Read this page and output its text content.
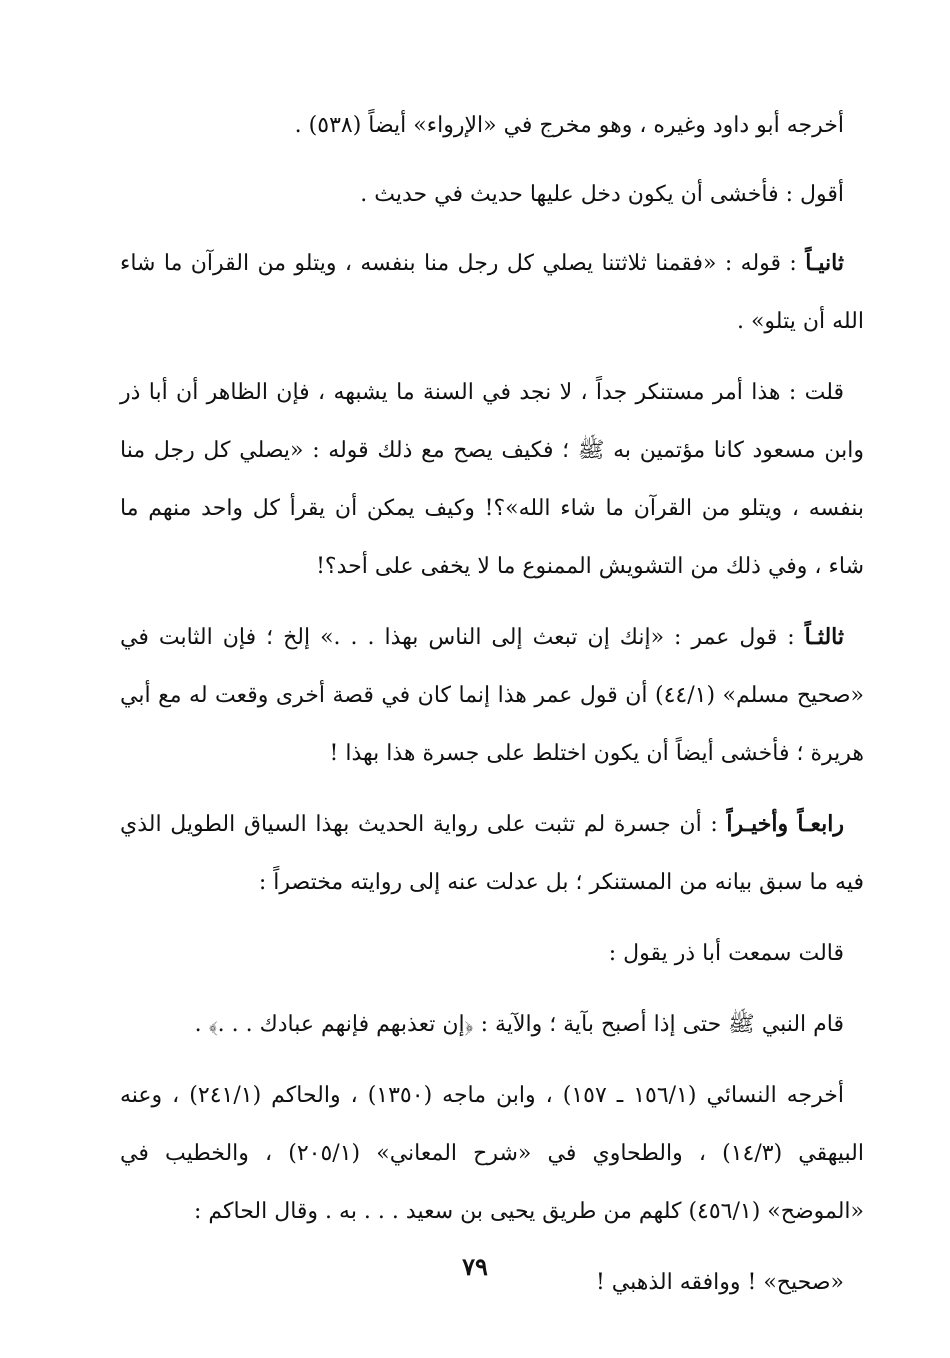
أخرجه أبو داود وغيره ، وهو مخرج في «الإرواء» أيضاً (٥٣٨) .

أقول : فأخشى أن يكون دخل عليها حديث في حديث .

ثانيـاً : قوله : «فقمنا ثلاثتنا يصلي كل رجل منا بنفسه ، ويتلو من القرآن ما شاء الله أن يتلو» .

قلت : هذا أمر مستنكر جداً ، لا نجد في السنة ما يشبهه ، فإن الظاهر أن أبا ذر وابن مسعود كانا مؤتمين به ﷺ ؛ فكيف يصح مع ذلك قوله : «يصلي كل رجل منا بنفسه ، ويتلو من القرآن ما شاء الله»؟! وكيف يمكن أن يقرأ كل واحد منهم ما شاء ، وفي ذلك من التشويش الممنوع ما لا يخفى على أحد؟!

ثالثـاً : قول عمر : «إنك إن تبعث إلى الناس بهذا . . .» إلخ ؛ فإن الثابت في «صحيح مسلم» (٤٤/١) أن قول عمر هذا إنما كان في قصة أخرى وقعت له مع أبي هريرة ؛ فأخشى أيضاً أن يكون اختلط على جسرة هذا بهذا !

رابعـاً وأخيـراً : أن جسرة لم تثبت على رواية الحديث بهذا السياق الطويل الذي فيه ما سبق بيانه من المستنكر ؛ بل عدلت عنه إلى روايته مختصراً :

قالت سمعت أبا ذر يقول :

قام النبي ﷺ حتى إذا أصبح بآية ؛ والآية : ﴿إن تعذبهم فإنهم عبادك . . .﴾ .

أخرجه النسائي (١٥٦/١ ـ ١٥٧) ، وابن ماجه (١٣٥٠) ، والحاكم (٢٤١/١) ، وعنه البيهقي (١٤/٣) ، والطحاوي في «شرح المعاني» (٢٠٥/١) ، والخطيب في «الموضح» (٤٥٦/١) كلهم من طريق يحيى بن سعيد . . . به . وقال الحاكم :

«صحيح» ! ووافقه الذهبي !

٧٩
